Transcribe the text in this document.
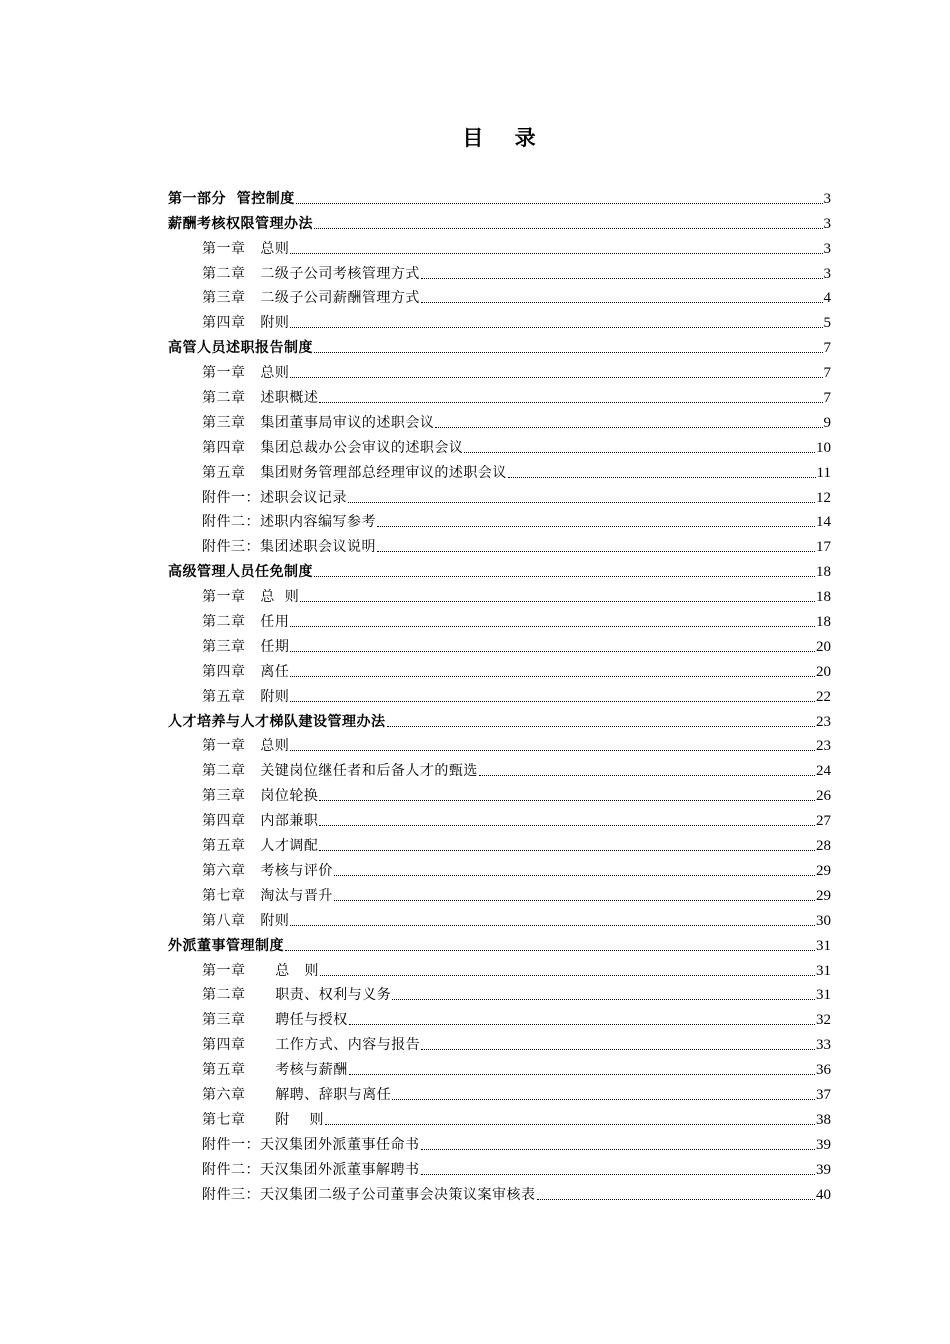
目 录
第一部分  管控制度	3
薪酬考核权限管理办法	3
第一章   总则	3
第二章   二级子公司考核管理方式	3
第三章   二级子公司薪酬管理方式	4
第四章   附则	5
高管人员述职报告制度	7
第一章   总则	7
第二章   述职概述	7
第三章   集团董事局审议的述职会议	9
第四章   集团总裁办公会审议的述职会议	10
第五章   集团财务管理部总经理审议的述职会议	11
附件一：述职会议记录	12
附件二：述职内容编写参考	14
附件三：集团述职会议说明	17
高级管理人员任免制度	18
第一章   总  则	18
第二章   任用	18
第三章   任期	20
第四章   离任	20
第五章   附则	22
人才培养与人才梯队建设管理办法	23
第一章   总则	23
第二章   关键岗位继任者和后备人才的甄选	24
第三章   岗位轮换	26
第四章   内部兼职	27
第五章   人才调配	28
第六章   考核与评价	29
第七章   淘汰与晋升	29
第八章   附则	30
外派董事管理制度	31
第一章      总   则	31
第二章      职责、权利与义务	31
第三章      聘任与授权	32
第四章      工作方式、内容与报告	33
第五章      考核与薪酬	36
第六章      解聘、辞职与离任	37
第七章      附    则	38
附件一：天汉集团外派董事任命书	39
附件二：天汉集团外派董事解聘书	39
附件三：天汉集团二级子公司董事会决策议案审核表	40
